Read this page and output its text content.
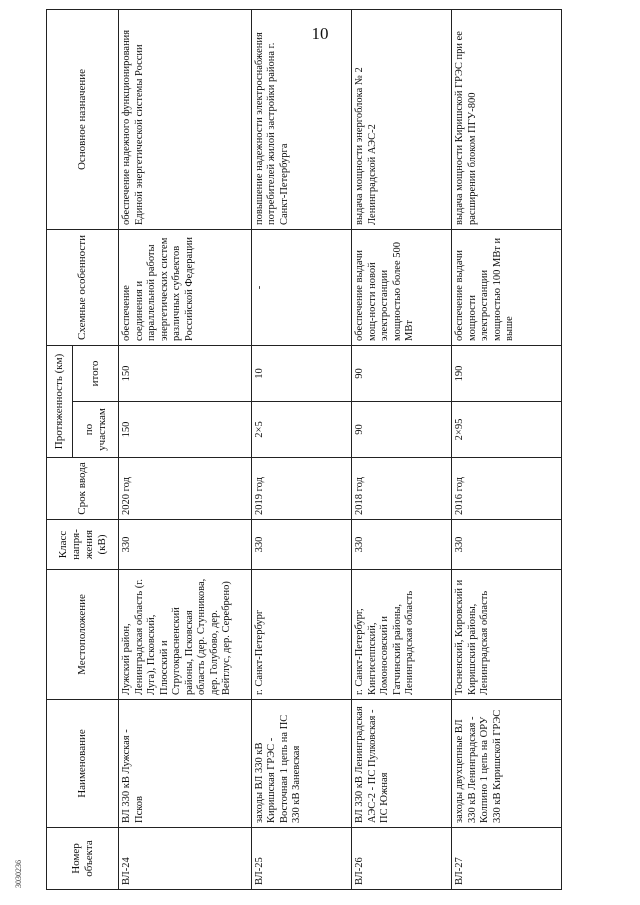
10
3030236
Номер объекта	Наименование	Местоположение	Класс напря-жения (кВ)	Срок ввода	Протяженность (км)		Схемные особенности	Основное назначение
					по участкам	итого		
ВЛ-24	ВЛ 330 кВ Лужская - Псков	Лужский район, Ленинградская область (г. Луга), Псковский, Плюсский и Стругокрасненский районы, Псковская область (дер. Стунникова, дер. Голубово, дер. Вейтлус, дер. Серебрено)	330	2020 год	150	150	обеспечение соединения и параллельной работы энергетических систем различных субъектов Российской Федерации	обеспечение надежного функционирования Единой энергетической системы России
ВЛ-25	заходы ВЛ 330 кВ Киришская ГРЭС - Восточная 1 цепь на ПС 330 кВ Заневская	г. Санкт-Петербург	330	2019 год	2×5	10	-	повышение надежности электроснабжения потребителей жилой застройки района г. Санкт-Петербурга
ВЛ-26	ВЛ 330 кВ Ленинградская АЭС-2 - ПС Пулковская - ПС Южная	г. Санкт-Петербург, Кингисеппский, Ломоносовский и Гатчинский районы, Ленинградская область	330	2018 год	90	90	обеспечение выдачи мощ-ности новой электростанции мощностью более 500 МВт	выдача мощности энергоблока № 2 Ленинградской АЭС-2
ВЛ-27	заходы двухцепные ВЛ 330 кВ Ленинградская - Колпино 1 цепь на ОРУ 330 кВ Киришской ГРЭС	Тосненский, Кировский и Киришский районы, Ленинградская область	330	2016 год	2×95	190	обеспечение выдачи мощности электростанции мощностью 100 МВт и выше	выдача мощности Киришской ГРЭС при ее расширении блоком ПГУ-800
